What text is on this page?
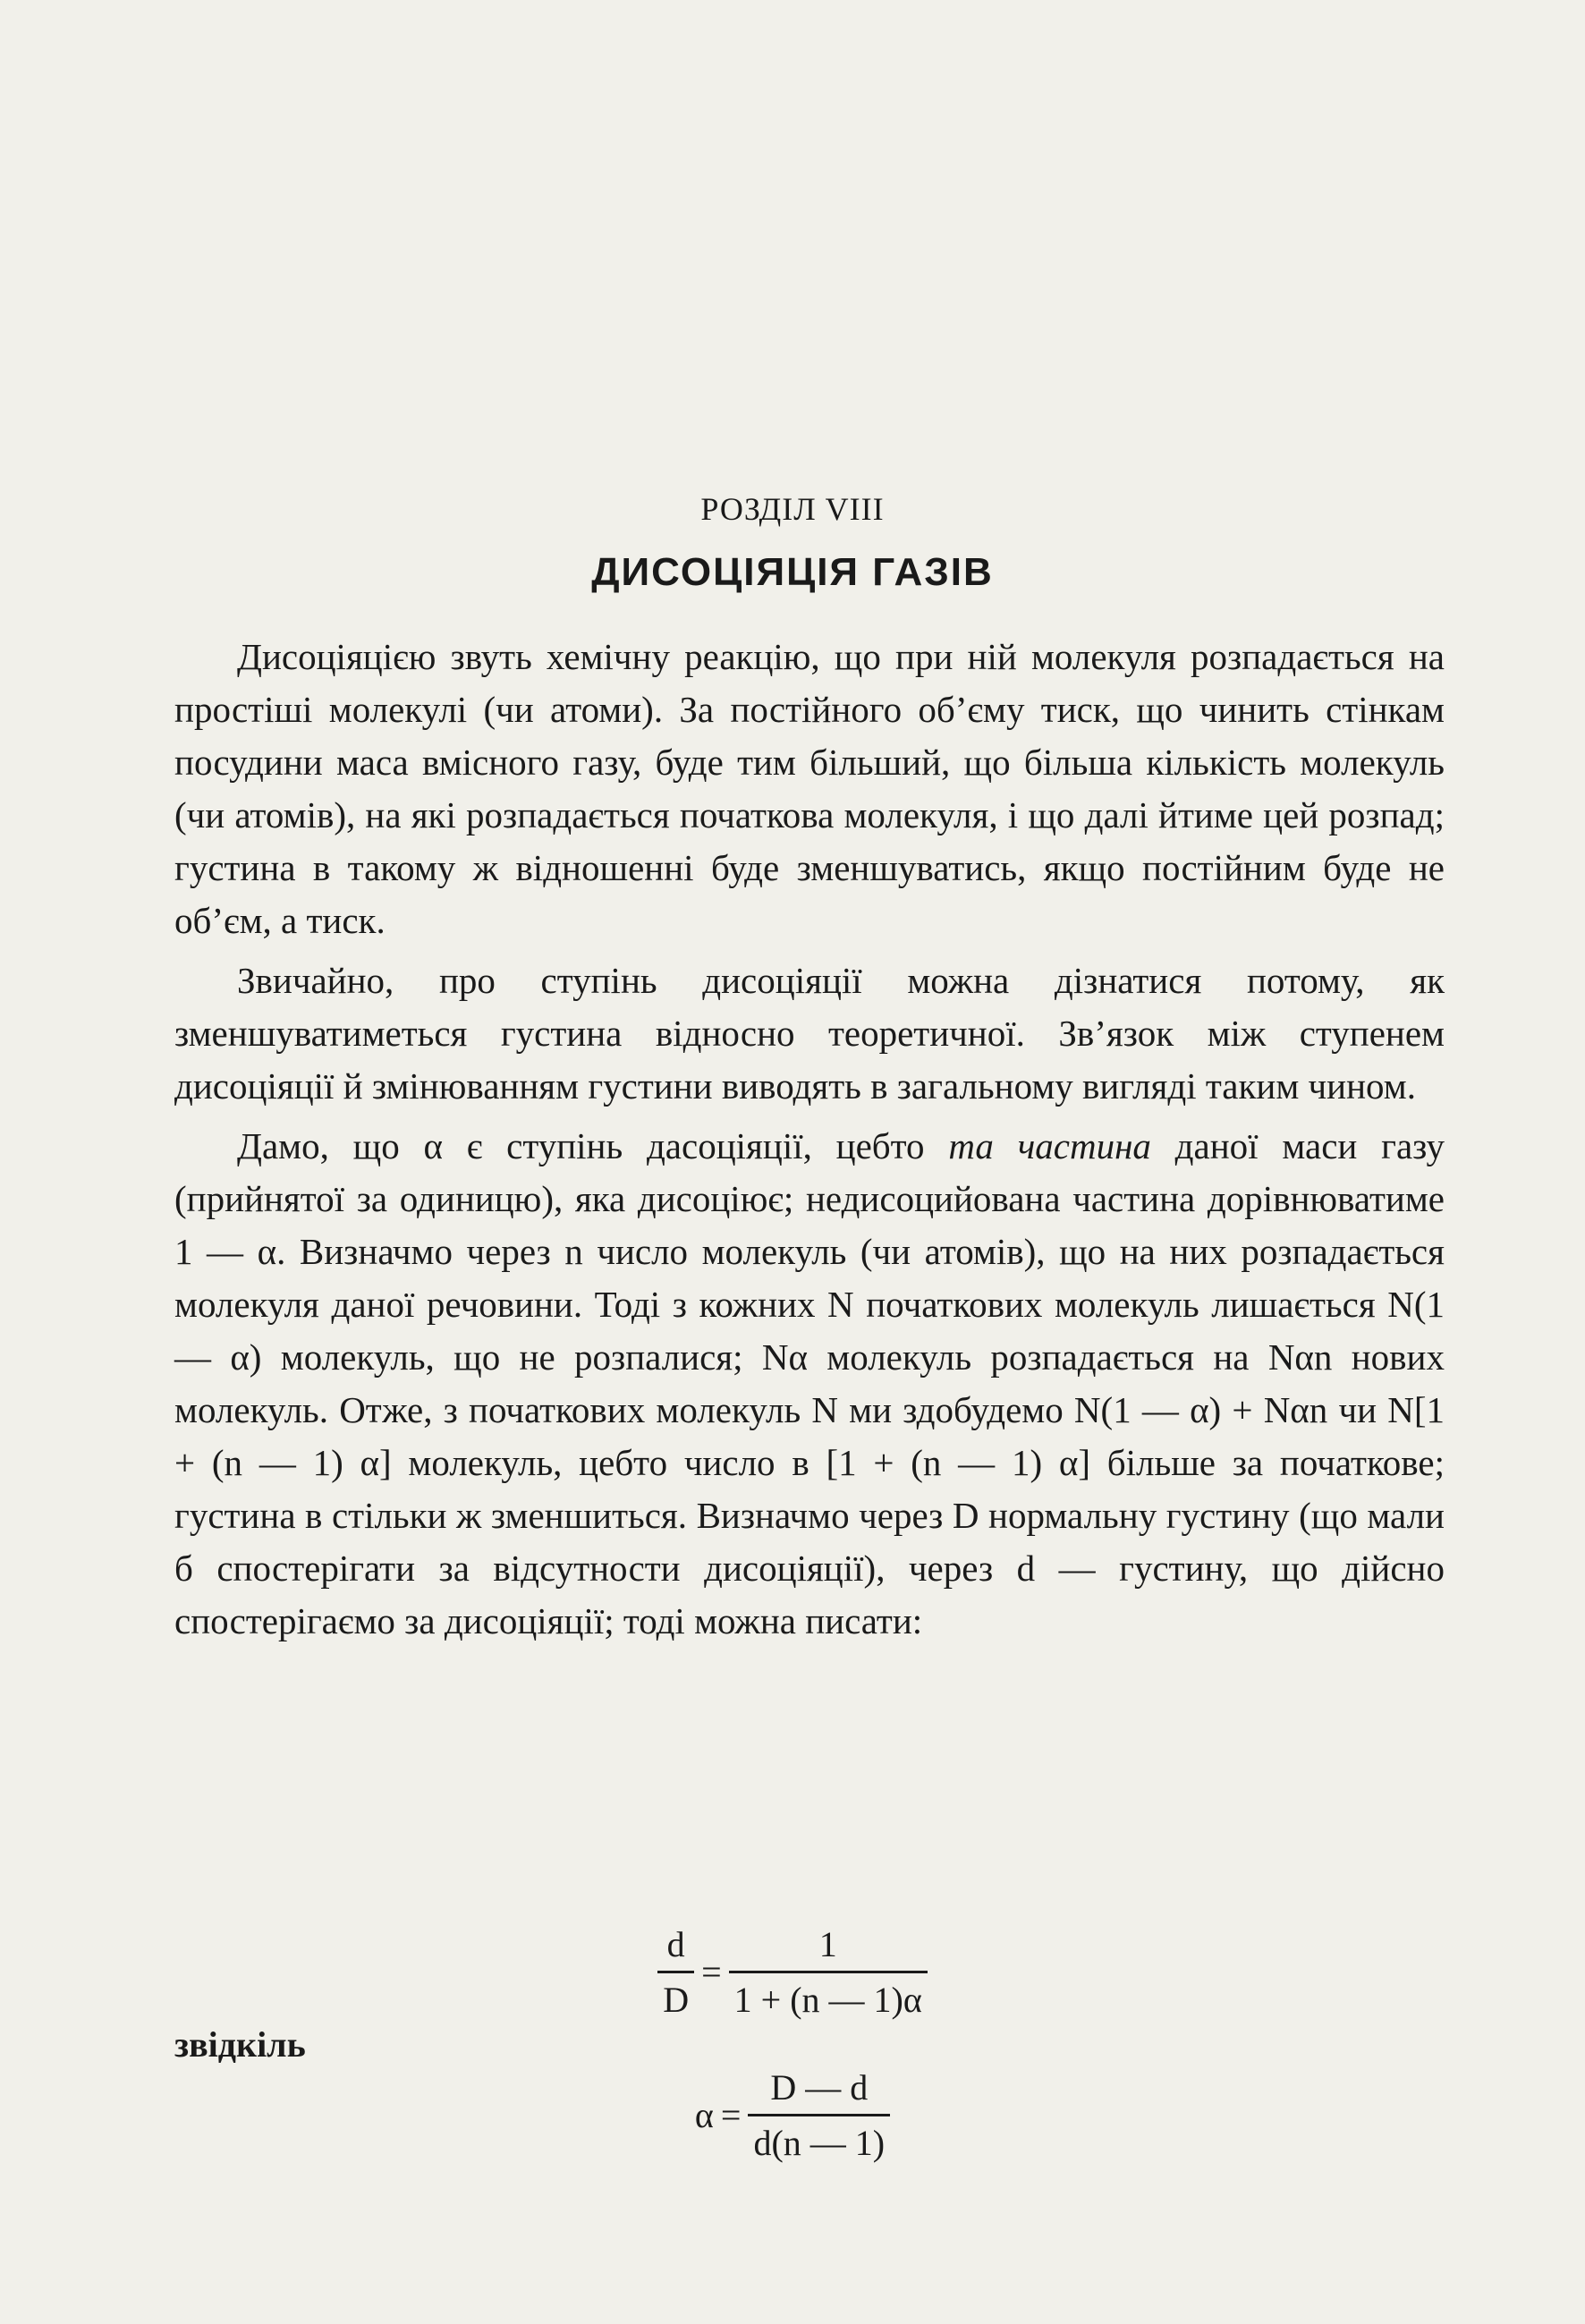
РОЗДІЛ VIII
ДИСОЦІЯЦІЯ ГАЗІВ

Дисоціяцією звуть хемічну реакцію, що при ній молекуля розпадається на простіші молекулі (чи атоми). За постійного об’єму тиск, що чинить стінкам посудини маса вмісного газу, буде тим більший, що більша кількість молекуль (чи атомів), на які розпадається початкова молекуля, і що далі йтиме цей розпад; густина в такому ж відношенні буде зменшуватись, якщо постійним буде не об’єм, а тиск.

Звичайно, про ступінь дисоціяції можна дізнатися потому, як зменшуватиметься густина відносно теоретичної. Зв’язок між ступенем дисоціяції й змінюванням густини виводять в загальному вигляді таким чином.

Дамо, що α є ступінь дасоціяції, цебто та частина даної маси газу (прийнятої за одиницю), яка дисоціює; недисоцийована частина дорівнюватиме 1 — α. Визначмо через n число молекуль (чи атомів), що на них розпадається молекуля даної речовини. Тоді з кожних N початкових молекуль лишається N(1 — α) молекуль, що не розпалися; Nα молекуль розпадається на Nαn нових молекуль. Отже, з початкових молекуль N ми здобудемо N(1 — α) + Nαn чи N[1 + (n — 1) α] молекуль, цебто число в [1 + (n — 1) α] більше за початкове; густина в стільки ж зменшиться. Визначмо через D нормальну густину (що мали б спостерігати за відсутности дисоціяції), через d — густину, що дійсно спостерігаємо за дисоціяції; тоді можна писати:

$\frac{d}{D} = \frac{1}{1 + (n — 1)\alpha}$
звідкіль
$\alpha = \frac{D — d}{d(n — 1)}$
